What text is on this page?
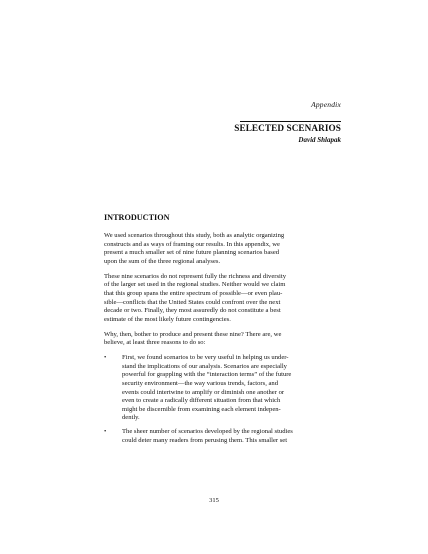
Appendix
SELECTED SCENARIOS
David Shlapak
INTRODUCTION
We used scenarios throughout this study, both as analytic organizing
constructs and as ways of framing our results. In this appendix, we
present a much smaller set of nine future planning scenarios based
upon the sum of the three regional analyses.
These nine scenarios do not represent fully the richness and diversity
of the larger set used in the regional studies. Neither would we claim
that this group spans the entire spectrum of possible—or even plau-
sible—conflicts that the United States could confront over the next
decade or two. Finally, they most assuredly do not constitute a best
estimate of the most likely future contingencies.
Why, then, bother to produce and present these nine? There are, we
believe, at least three reasons to do so:
• First, we found scenarios to be very useful in helping us under-
stand the implications of our analysis. Scenarios are especially
powerful for grappling with the “interaction terms” of the future
security environment—the way various trends, factors, and
events could intertwine to amplify or diminish one another or
even to create a radically different situation from that which
might be discernible from examining each element indepen-
dently.
• The sheer number of scenarios developed by the regional studies
could deter many readers from perusing them. This smaller set
315
